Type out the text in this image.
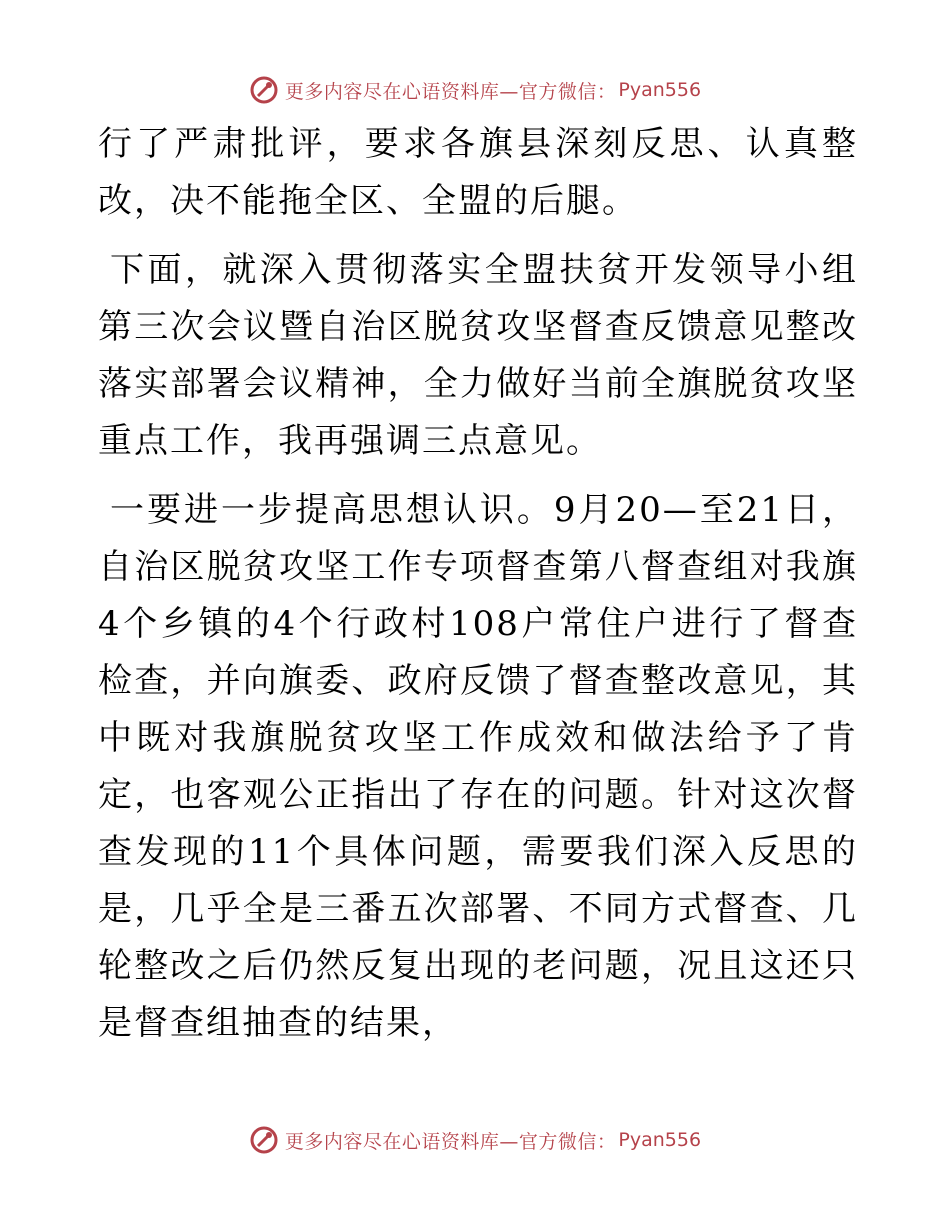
更多内容尽在心语资料库—官方微信： Pyan556

行了严肃批评，要求各旗县深刻反思、认真整改，决不能拖全区、全盟的后腿。

下面，就深入贯彻落实全盟扶贫开发领导小组第三次会议暨自治区脱贫攻坚督查反馈意见整改落实部署会议精神，全力做好当前全旗脱贫攻坚重点工作，我再强调三点意见。

一要进一步提高思想认识。9月20—至21日，自治区脱贫攻坚工作专项督查第八督查组对我旗4个乡镇的4个行政村108户常住户进行了督查检查，并向旗委、政府反馈了督查整改意见，其中既对我旗脱贫攻坚工作成效和做法给予了肯定，也客观公正指出了存在的问题。针对这次督查发现的11个具体问题，需要我们深入反思的是，几乎全是三番五次部署、不同方式督查、几轮整改之后仍然反复出现的老问题，况且这还只是督查组抽查的结果，

更多内容尽在心语资料库—官方微信： Pyan556
